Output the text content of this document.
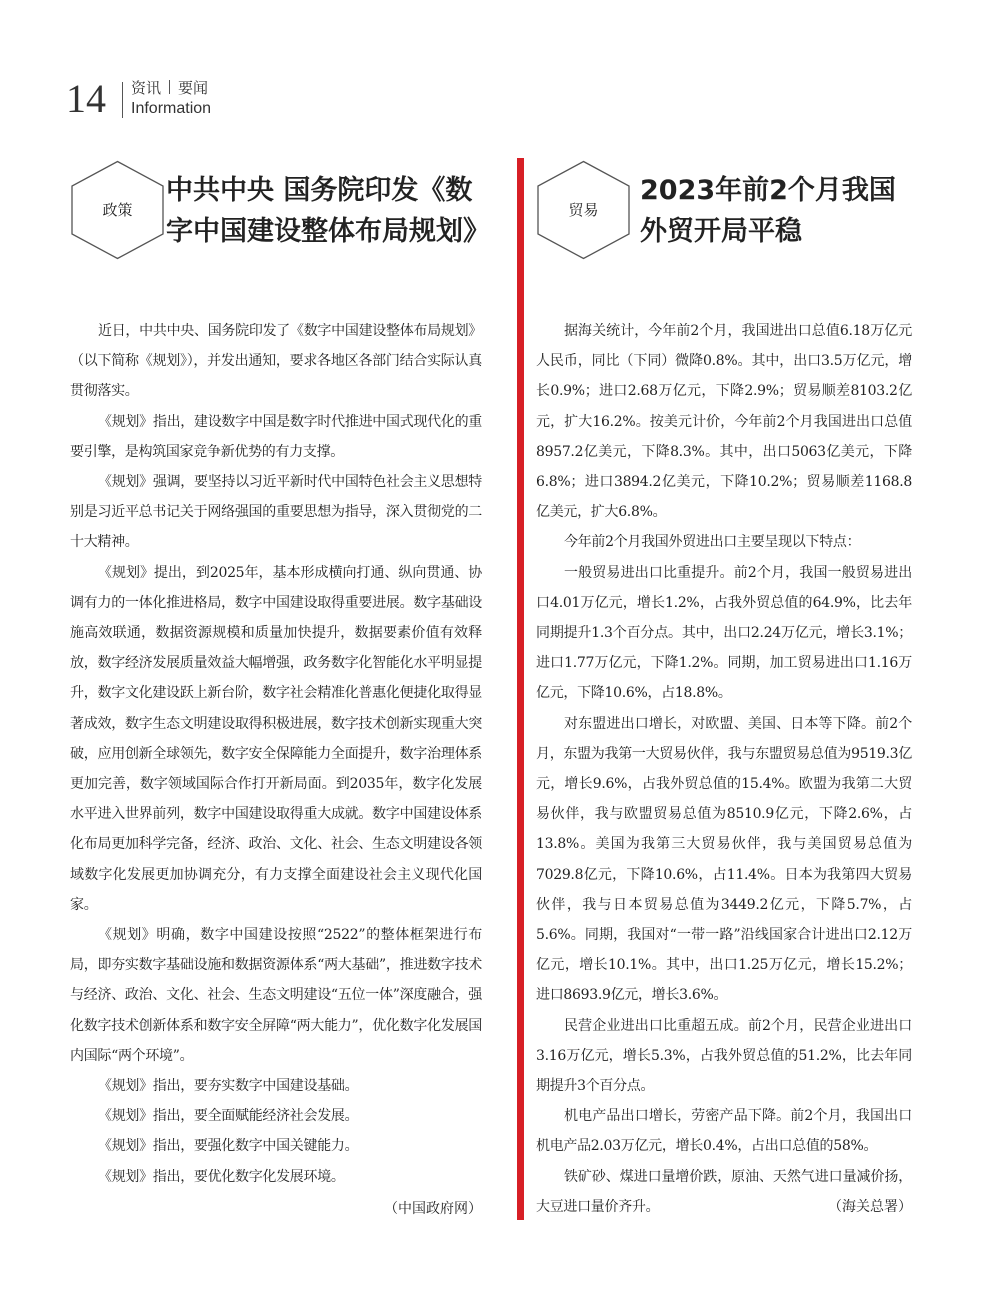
14 资讯 要闻
Information
政策
中共中央 国务院印发《数字中国建设整体布局规划》

近日，中共中央、国务院印发了《数字中国建设整体布局规划》（以下简称《规划》），并发出通知，要求各地区各部门结合实际认真贯彻落实。

《规划》指出，建设数字中国是数字时代推进中国式现代化的重要引擎，是构筑国家竞争新优势的有力支撑。

《规划》强调，要坚持以习近平新时代中国特色社会主义思想特别是习近平总书记关于网络强国的重要思想为指导，深入贯彻党的二十大精神。

《规划》提出，到2025年，基本形成横向打通、纵向贯通、协调有力的一体化推进格局，数字中国建设取得重要进展。数字基础设施高效联通，数据资源规模和质量加快提升，数据要素价值有效释放，数字经济发展质量效益大幅增强，政务数字化智能化水平明显提升，数字文化建设跃上新台阶，数字社会精准化普惠化便捷化取得显著成效，数字生态文明建设取得积极进展，数字技术创新实现重大突破，应用创新全球领先，数字安全保障能力全面提升，数字治理体系更加完善，数字领域国际合作打开新局面。到2035年，数字化发展水平进入世界前列，数字中国建设取得重大成就。数字中国建设体系化布局更加科学完备，经济、政治、文化、社会、生态文明建设各领域数字化发展更加协调充分，有力支撑全面建设社会主义现代化国家。

《规划》明确，数字中国建设按照“2522”的整体框架进行布局，即夯实数字基础设施和数据资源体系“两大基础”，推进数字技术与经济、政治、文化、社会、生态文明建设“五位一体”深度融合，强化数字技术创新体系和数字安全屏障“两大能力”，优化数字化发展国内国际“两个环境”。

《规划》指出，要夯实数字中国建设基础。

《规划》指出，要全面赋能经济社会发展。

《规划》指出，要强化数字中国关键能力。

《规划》指出，要优化数字化发展环境。

（中国政府网）
贸易
2023年前2个月我国外贸开局平稳

据海关统计，今年前2个月，我国进出口总值6.18万亿元人民币，同比（下同）微降0.8%。其中，出口3.5万亿元，增长0.9%；进口2.68万亿元，下降2.9%；贸易顺差8103.2亿元，扩大16.2%。按美元计价，今年前2个月我国进出口总值8957.2亿美元，下降8.3%。其中，出口5063亿美元，下降6.8%；进口3894.2亿美元，下降10.2%；贸易顺差1168.8亿美元，扩大6.8%。

今年前2个月我国外贸进出口主要呈现以下特点：

一般贸易进出口比重提升。前2个月，我国一般贸易进出口4.01万亿元，增长1.2%，占我外贸总值的64.9%，比去年同期提升1.3个百分点。其中，出口2.24万亿元，增长3.1%；进口1.77万亿元，下降1.2%。同期，加工贸易进出口1.16万亿元，下降10.6%，占18.8%。

对东盟进出口增长，对欧盟、美国、日本等下降。前2个月，东盟为我第一大贸易伙伴，我与东盟贸易总值为9519.3亿元，增长9.6%，占我外贸总值的15.4%。欧盟为我第二大贸易伙伴，我与欧盟贸易总值为8510.9亿元，下降2.6%，占13.8%。美国为我第三大贸易伙伴，我与美国贸易总值为7029.8亿元，下降10.6%，占11.4%。日本为我第四大贸易伙伴，我与日本贸易总值为3449.2亿元，下降5.7%，占5.6%。同期，我国对“一带一路”沿线国家合计进出口2.12万亿元，增长10.1%。其中，出口1.25万亿元，增长15.2%；进口8693.9亿元，增长3.6%。

民营企业进出口比重超五成。前2个月，民营企业进出口3.16万亿元，增长5.3%，占我外贸总值的51.2%，比去年同期提升3个百分点。

机电产品出口增长，劳密产品下降。前2个月，我国出口机电产品2.03万亿元，增长0.4%，占出口总值的58%。

铁矿砂、煤进口量增价跌，原油、天然气进口量减价扬，大豆进口量价齐升。	（海关总署）
